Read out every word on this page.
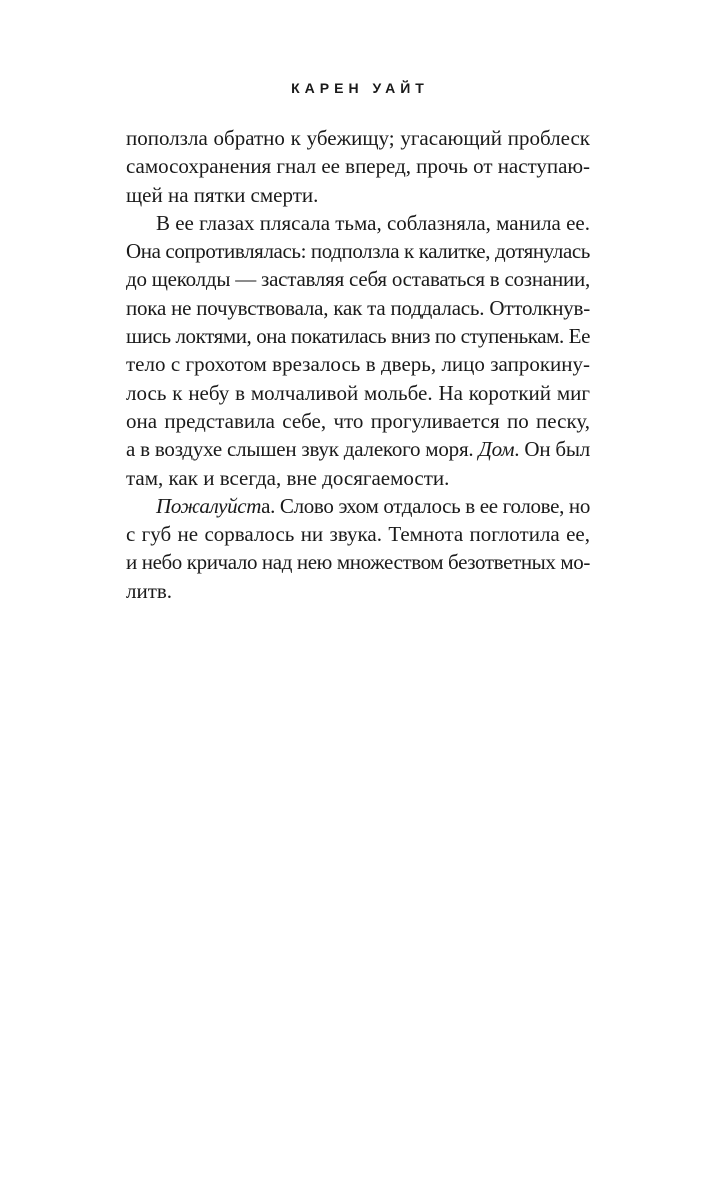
КАРЕН УАЙТ
поползла обратно к убежищу; угасающий проблеск
самосохранения гнал ее вперед, прочь от наступаю-
щей на пятки смерти.
В ее глазах плясала тьма, соблазняла, манила ее.
Она сопротивлялась: подползла к калитке, дотянулась
до щеколды — заставляя себя оставаться в сознании,
пока не почувствовала, как та поддалась. Оттолкнув-
шись локтями, она покатилась вниз по ступенькам. Ее
тело с грохотом врезалось в дверь, лицо запрокину-
лось к небу в молчаливой мольбе. На короткий миг
она представила себе, что прогуливается по песку,
а в воздухе слышен звук далекого моря. Дом. Он был
там, как и всегда, вне досягаемости.
Пожалуйста. Слово эхом отдалось в ее голове, но
с губ не сорвалось ни звука. Темнота поглотила ее,
и небо кричало над нею множеством безответных мо-
литв.
